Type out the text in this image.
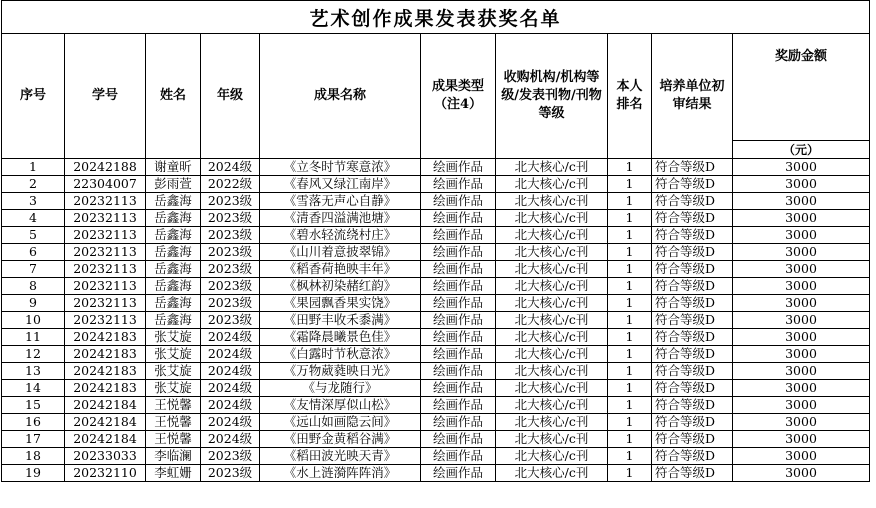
艺术创作成果发表获奖名单									
序号	学号	姓名	年级	成果名称	成果类型（注4）	收购机构/机构等级/发表刊物/刊物等级	本人排名	培养单位初审结果	奖励金额
									（元）
1	20242188	谢童昕	2024级	《立冬时节寒意浓》	绘画作品	北大核心/c刊	1	符合等级D	3000
2	22304007	彭雨萱	2022级	《春风又绿江南岸》	绘画作品	北大核心/c刊	1	符合等级D	3000
3	20232113	岳鑫海	2023级	《雪落无声心自静》	绘画作品	北大核心/c刊	1	符合等级D	3000
4	20232113	岳鑫海	2023级	《清香四溢满池塘》	绘画作品	北大核心/c刊	1	符合等级D	3000
5	20232113	岳鑫海	2023级	《碧水轻流绕村庄》	绘画作品	北大核心/c刊	1	符合等级D	3000
6	20232113	岳鑫海	2023级	《山川着意披翠锦》	绘画作品	北大核心/c刊	1	符合等级D	3000
7	20232113	岳鑫海	2023级	《稻香荷艳映丰年》	绘画作品	北大核心/c刊	1	符合等级D	3000
8	20232113	岳鑫海	2023级	《枫林初染赭红韵》	绘画作品	北大核心/c刊	1	符合等级D	3000
9	20232113	岳鑫海	2023级	《果园飘香果实饶》	绘画作品	北大核心/c刊	1	符合等级D	3000
10	20232113	岳鑫海	2023级	《田野丰收禾黍满》	绘画作品	北大核心/c刊	1	符合等级D	3000
11	20242183	张艾旋	2024级	《霜降晨曦景色佳》	绘画作品	北大核心/c刊	1	符合等级D	3000
12	20242183	张艾旋	2024级	《白露时节秋意浓》	绘画作品	北大核心/c刊	1	符合等级D	3000
13	20242183	张艾旋	2024级	《万物葳蕤映日光》	绘画作品	北大核心/c刊	1	符合等级D	3000
14	20242183	张艾旋	2024级	《与龙随行》	绘画作品	北大核心/c刊	1	符合等级D	3000
15	20242184	王悦馨	2024级	《友情深厚似山松》	绘画作品	北大核心/c刊	1	符合等级D	3000
16	20242184	王悦馨	2024级	《远山如画隐云间》	绘画作品	北大核心/c刊	1	符合等级D	3000
17	20242184	王悦馨	2024级	《田野金黄稻谷满》	绘画作品	北大核心/c刊	1	符合等级D	3000
18	20233033	李临澜	2023级	《稻田波光映天青》	绘画作品	北大核心/c刊	1	符合等级D	3000
19	20232110	李虹姗	2023级	《水上涟漪阵阵消》	绘画作品	北大核心/c刊	1	符合等级D	3000
